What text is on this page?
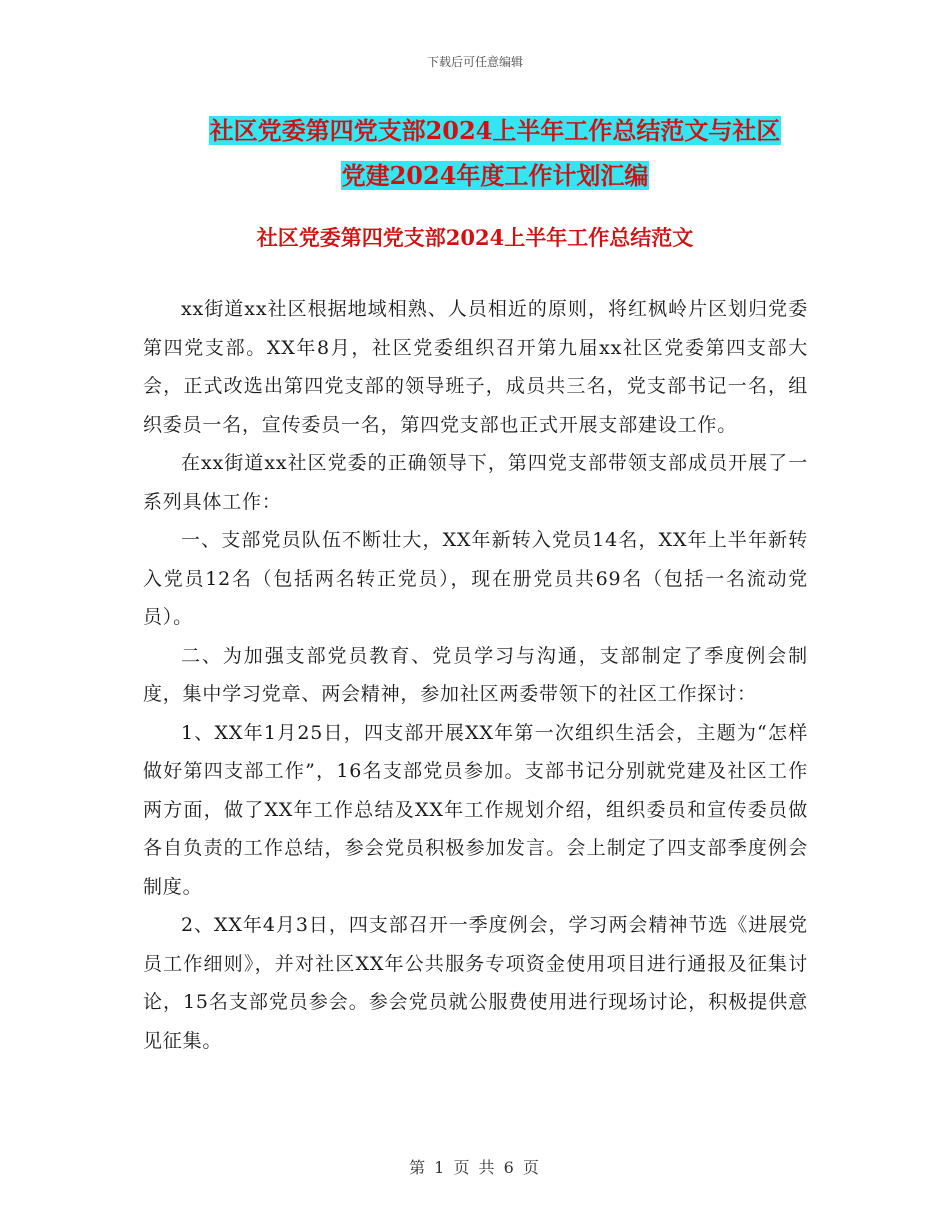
下载后可任意编辑
社区党委第四党支部2024上半年工作总结范文与社区
党建2024年度工作计划汇编
社区党委第四党支部2024上半年工作总结范文

xx街道xx社区根据地域相熟、人员相近的原则，将红枫岭片区划归党委第四党支部。XX年8月，社区党委组织召开第九届xx社区党委第四支部大会，正式改选出第四党支部的领导班子，成员共三名，党支部书记一名，组织委员一名，宣传委员一名，第四党支部也正式开展支部建设工作。

在xx街道xx社区党委的正确领导下，第四党支部带领支部成员开展了一系列具体工作：

一、支部党员队伍不断壮大，XX年新转入党员14名，XX年上半年新转入党员12名（包括两名转正党员），现在册党员共69名（包括一名流动党员）。

二、为加强支部党员教育、党员学习与沟通，支部制定了季度例会制度，集中学习党章、两会精神，参加社区两委带领下的社区工作探讨：

1、XX年1月25日，四支部开展XX年第一次组织生活会，主题为“怎样做好第四支部工作”，16名支部党员参加。支部书记分别就党建及社区工作两方面，做了XX年工作总结及XX年工作规划介绍，组织委员和宣传委员做各自负责的工作总结，参会党员积极参加发言。会上制定了四支部季度例会制度。

2、XX年4月3日，四支部召开一季度例会，学习两会精神节选《进展党员工作细则》，并对社区XX年公共服务专项资金使用项目进行通报及征集讨论，15名支部党员参会。参会党员就公服费使用进行现场讨论，积极提供意见征集。

第 1 页 共 6 页
